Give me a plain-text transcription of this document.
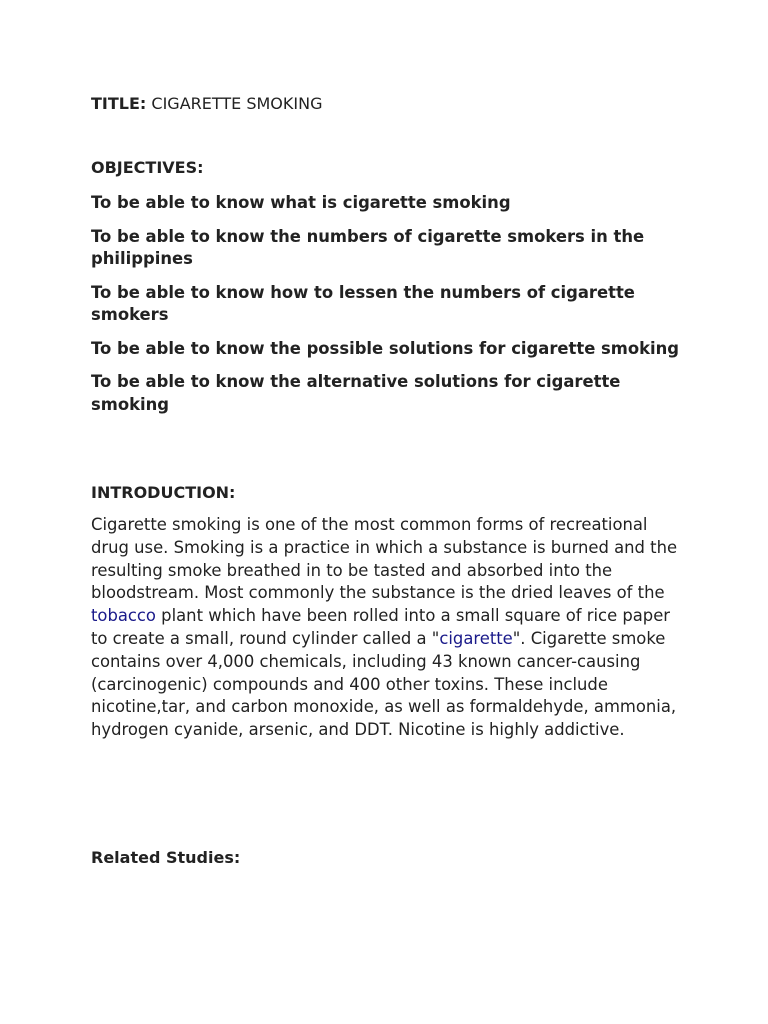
TITLE: CIGARETTE SMOKING
OBJECTIVES:
To be able to know what is cigarette smoking
To be able to know the numbers of cigarette smokers in the philippines
To be able to know how to lessen the numbers of cigarette smokers
To be able to know the possible solutions for cigarette smoking
To be able to know the alternative solutions for cigarette smoking
INTRODUCTION:

Cigarette smoking is one of the most common forms of recreational drug use. Smoking is a practice in which a substance is burned and the resulting smoke breathed in to be tasted and absorbed into the bloodstream. Most commonly the substance is the dried leaves of the tobacco plant which have been rolled into a small square of rice paper to create a small, round cylinder called a "cigarette". Cigarette smoke contains over 4,000 chemicals, including 43 known cancer-causing (carcinogenic) compounds and 400 other toxins. These include nicotine,tar, and carbon monoxide, as well as formaldehyde, ammonia, hydrogen cyanide, arsenic, and DDT. Nicotine is highly addictive.

Related Studies:
